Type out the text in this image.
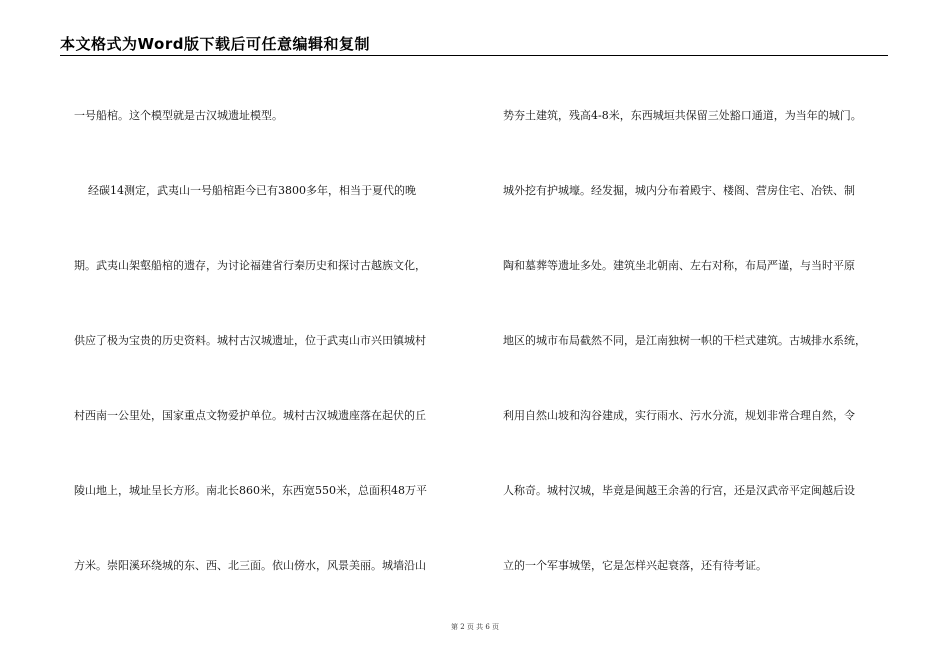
本文格式为Word版下载后可任意编辑和复制

一号船棺。这个模型就是古汉城遗址模型。

经碳14测定，武夷山一号船棺距今已有3800多年，相当于夏代的晚

期。武夷山架壑船棺的遗存，为讨论福建省行秦历史和探讨古越族文化，

供应了极为宝贵的历史资料。城村古汉城遗址，位于武夷山市兴田镇城村

村西南一公里处，国家重点文物爱护单位。城村古汉城遗座落在起伏的丘

陵山地上，城址呈长方形。南北长860米，东西宽550米，总面积48万平

方米。崇阳溪环绕城的东、西、北三面。依山傍水，风景美丽。城墙沿山

势夯土建筑，残高4-8米，东西城垣共保留三处豁口通道，为当年的城门。

城外挖有护城壕。经发掘，城内分布着殿宇、楼阁、营房住宅、冶铁、制

陶和墓葬等遗址多处。建筑坐北朝南、左右对称，布局严谨，与当时平原

地区的城市布局截然不同，是江南独树一帜的干栏式建筑。古城排水系统，

利用自然山坡和沟谷建成，实行雨水、污水分流，规划非常合理自然，令

人称奇。城村汉城，毕竟是闽越王余善的行宫，还是汉武帝平定闽越后设

立的一个军事城堡，它是怎样兴起衰落，还有待考证。

第 2 页 共 6 页
